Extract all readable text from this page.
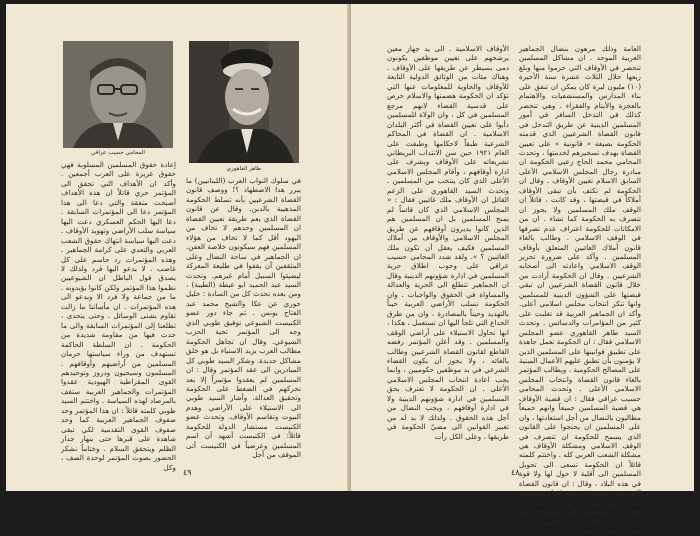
المحامي حسيب عراقي
طاهر القاهوري

إعادة حقوق المسلمين المسلوبة فهي حقوق عزيزة على العرب أجمعين . وأكد ان الأهداف التي تحقق الى المؤتمر حري قاتلاً ان هذه الأهداف أصبحت متفقة والتي دعا الى هذا المؤتمر دعا الى المؤتمرات السابقة . دعا اليها الحكم العسكري دعت اليها سياسة سلب الأراضي وتهويد الأوقاف . دعت اليها سياسة انتهاك حقوق الشعب العربي والتعدي على كرامة الجماهير . وهذه المؤتمرات رد حاسم على كل غاصب . لا يدعو اليها فرد ولذلك لا يصدق قول الباطل ان الشيوعيين نظموا هذا المؤتمر ولكن كانوا يؤيدونه . ما من جماعة ولا فرد الا ويدعو الى هذه المؤتمرات . ان مأساتنا ما زالت تقاوم بشتى الوسائل . وحتى يتحدى ، تطلعنا إلى المؤتمرات السابقة والى ما حدث فيها من مقاومة شديدة من الحكومة . ان السلطة الحاكمة تستهدف من وراء سياستها حرمان المسلمين من أراضيهم وأوقافهم . المسلمون وسيحيون ودروز وتوحيدهم القوى المقراطية الهيودية عقدوا المؤتمرات والجماهير العربية ستقف بالمرصاد لهذه السياسة . واختتم السيد طوبي كلمته قائلاً : ان هذا المؤتمر وحد صفوف الجماهير العربية كما وحد صفوف القوى التقدمية لكي تبقى شاهدة على قبرها حتى ينهار جدار الظلم ويتحقق السلام . وختاماً نشكر الحضور بصوت المؤتمر لوحدة الصف ، وكل

في سلوك النواب العرب (اللبنانيين) ما يبرر هذا الاضطهاد ؟! ووصف قانون القضاة الشرعيين بأنه تسلط الحكومة المذهبية بالدين. وقال عن قانون القضاة الذي يعم طريقة تعيين القضاة ان المسلمين وحدهم لا تخاف من اليهود أقل كما لا تخاف من هؤلاء المسلمين فهم سيكونون خلاصة العفن. ان الجماهير في ساحة النضال وعلى المثقفين أن يقفوا في طليعة المعركة ليضيئوا السبيل أمام غيرهم. وتحدث السيد عبد الحميد ابو عيطة (الطيبة) ، ومن بعده تحدث كل من السادة : خليل خوري عن عكا والشيخ محمد عبد الفتاح يونس . ثم جاء دور عضو الكنيست الشيوعي توفيق طوبي الذي وجه الى المؤتمر تحية الحزب الشيوعي. وقال ان تجاهل الحكومة مطالب العرب يزيد الاستياء بل هو خلق مشاكل جديدة. وشكر السيد طوبي كل المبادرين الى عقد المؤتمر وقال : ان المسلمين لم يعقدوا مؤتمراً إلا بعد تحركهم في الضغط على الحكومة وتحقيق العدالة. وأشار السيد طوبي الى الاستيلاء على الأراضي وهدم البيوت وتقاسم الأوقاف. وتحدث عضو الكنيست مستشار الدولة للحكومة قائلاً: في الكنيست أشهد أن اسم المسلمين وعرضياً في الكنيست أتى الموقف من أجل

٤٩

الأوقاف الاسلامية . الى يد جهاز معين يرشحهم على تعيين موظفين يكونون دمى يسيطر عن طريقها على الأوقاف . وهناك مئات من الوثائق الدولية التابعة للأوقاف والحاوية للمعلومات عنها التي تؤكد ان الحكومة هضمتها والاسلام حرص على قدسية القضاء لانهم مرجع المسلمين في كل ، وان الولاة للمسلمين دأبوا على تعيين القضاة في أكثر البلدان الاسلامية . ان القضاة في المحاكم الشرعية طبقاً لاحكامها وطبقت على العام ١٩٢١ حين سن الانتداب البريطاني تشريعاته على الأوقاف ويشرف على ادارة أوقافهم ، وأقام المجلس الاسلامي الأعلى الذي كان ينتخب من المسلمين . وتحدث السيد القاهوري على الزعم القائل ان الأوقاف ملك غائبين فقال : « المجلس الاسلامي الذي كان قائماً لم يمنح المسلمين بل ان المسلمين هم الذين كانوا يديرون أوقافهم عن طريق المجلس الاسلامي والأوقاف من أملاك المسلمين فكيف يعقل أن تكون ملك الغائبين ؟ ». ولقد شدد المحامي حسيب عراقي على وجوب اطلاق حرية المسلمين في ادارة شؤونهم الدينية وقال ان الجماهير تتطلع الى الحرية والعدالة والمساواة في الحقوق والواجبات . وان الحكومة تسلب الأراضي العربية حيناً بالتهديد وحيناً بالمصادرة ، وان من طرق الخداع التي تلجأ اليها ان تستعمل ، هكذا ، انها تحاول الاستيلاء على أراضي الوقف والمسلمين . وقد أعلن المؤتمر رفضه القاطع لقانون القضاة الشرعيين وطالب بالغائه ، ولا يجوز أن يكون القضاء الشرعي في يد موظفين حكوميين ، وانما يجب اعادة انتخاب المجلس الاسلامي الأعلى . ان الحكومة لا تعترف بحق المسلمين في ادارة شؤونهم الدينية ولا في ادارة أوقافهم ، ويجب النضال من أجل هذه الحقوق . ولذلك لا بد له من تغيير القوانين الى مضيّ الحكومة في طريقها ، وعلى الكل رأت

العامة وذلك مرهون بنضال الجماهير العربية الموحد . ان مشاكل المسلمين تنحصر في الأوقاف التي حرموا منها وبلغ ريعها خلال الثلاث عشرة سنة الأخيرة (١٠) مليون ليرة كان يمكن ان تنفق على بناء المدارس والمستشفيات والاهتمام بالعجزة والأيتام والفقراء . وهي تنحصر كذلك في التدخل السافر في أمور المسلمين الدينية عن طريق التدخل في قانون القضاة الشرعيين الذي قدمته الحكومة بصيغة « قانونية » على تعيين القضاة بهدف تسخيرهم لخدمتها ، وتحدث المحامي محمد الحاج زعبي الحكومة ان مبادرة رجال المجلس الاسلامي الأعلى السابق الاسلام تعيين الأوقاف . وقال ان الحكومة لم تكتف بأن تبقى الأوقاف أملاكاً في قبضتها ، وقد كانت ، قائلاً ان الوقف ملك المسلمين ولا يجوز ان تتصرف به الحكومة كما تشاء . ان من الامكانات للحكومة اعتراف عدم تصرفها في الوقف الاسلامي . وطالب بالغاء قانون أملاك الغائبين المتعلق بأوقاف المسلمين . وأكد على ضرورة تحرير الوقف الاسلامي واعادته الى أصحابه الشرعيين . وقال ان الحكومة أرادت من خلال قانون القضاة الشرعيين ان تبقي قبضتها على الشؤون الدينية للمسلمين وانها تنكر انتخاب مجلس اسلامي أعلى. وأكد ان الجماهير العربية قد تغلبت على كثير من المؤامرات والدسائس . وتحدث السيد طاهر القاهوري عضو المجلس الاسلامي فقال : ان الحكومة تعمل جاهدة على تطبيق قوانينها على المسلمين الذين لا يؤمنون بأن تطبق عليهم الأعمال المبنية على المصالح الحكومية ، ويطالب المؤتمر بالغاء قانون القضاة وانتخاب المجلس الاسلامي الأعلى . وتحدث المحامي حسيب عراقي فقال : ان قضية الأوقاف هي قضية المسلمين جميعاً وانهم جميعاً مطالبون بالنضال من أجل استعادتها ، وان على المسلمين ان يحتجوا على القانون الذي يسمح للحكومة ان تتصرف في الوقف الاسلامي ومشكلة الأوقاف هي مشكلة الشعب العربي كله . واختتم كلمته قائلاً ان الحكومة تسعى الى تحويل المسلمين الى أقلية لا حول لها ولا قوة في هذه البلاد ، وقال : ان قانون القضاة الشرعيين يستهدف تعيين قضاة يخضعون لها ولا حول لهم ولا قوة ، لا يحترمون الشريعة ، ويعملون على ارضائها لا على ارضاء الله ، وقال ان هذا القانون مخالف للشرع وتعيين القضاة

٤٨
